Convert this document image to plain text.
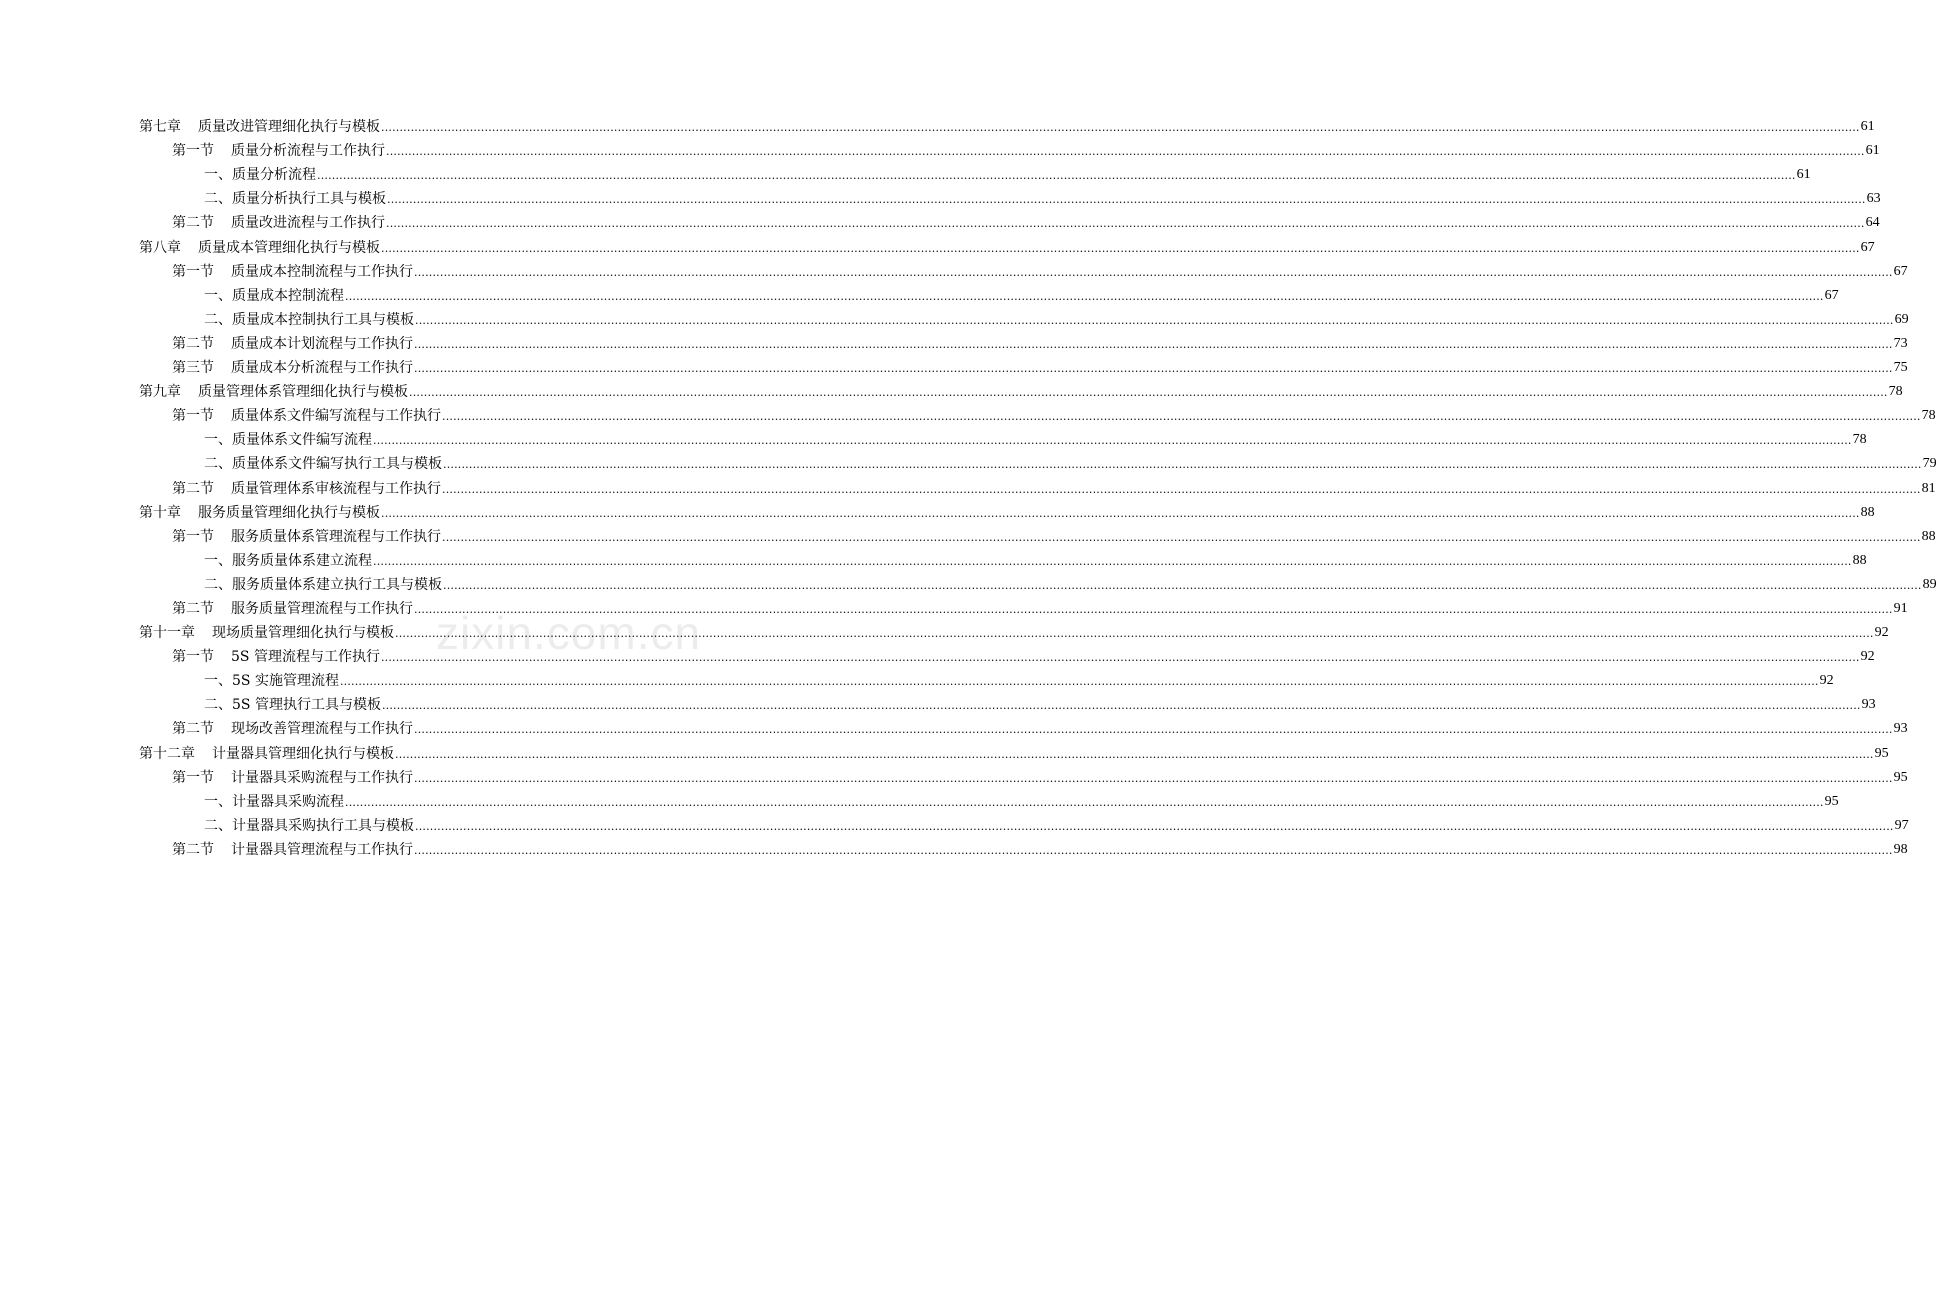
第七章 质量改进管理细化执行与模板 ................................................................................................................................................................................................................................................................................................................................................................................................................ 61
第一节 质量分析流程与工作执行 ................................................................................................................................................................................................................................................................................................................................................................................................................ 61
一、质量分析流程 ................................................................................................................................................................................................................................................................................................................................................................................................................ 61
二、质量分析执行工具与模板 ................................................................................................................................................................................................................................................................................................................................................................................................................ 63
第二节 质量改进流程与工作执行 ................................................................................................................................................................................................................................................................................................................................................................................................................ 64
第八章 质量成本管理细化执行与模板 ................................................................................................................................................................................................................................................................................................................................................................................................................ 67
第一节 质量成本控制流程与工作执行 ................................................................................................................................................................................................................................................................................................................................................................................................................ 67
一、质量成本控制流程 ................................................................................................................................................................................................................................................................................................................................................................................................................ 67
二、质量成本控制执行工具与模板 ................................................................................................................................................................................................................................................................................................................................................................................................................ 69
第二节 质量成本计划流程与工作执行 ................................................................................................................................................................................................................................................................................................................................................................................................................ 73
第三节 质量成本分析流程与工作执行 ................................................................................................................................................................................................................................................................................................................................................................................................................ 75
第九章 质量管理体系管理细化执行与模板 ................................................................................................................................................................................................................................................................................................................................................................................................................ 78
第一节 质量体系文件编写流程与工作执行 ................................................................................................................................................................................................................................................................................................................................................................................................................ 78
一、质量体系文件编写流程 ................................................................................................................................................................................................................................................................................................................................................................................................................ 78
二、质量体系文件编写执行工具与模板 ................................................................................................................................................................................................................................................................................................................................................................................................................ 79
第二节 质量管理体系审核流程与工作执行 ................................................................................................................................................................................................................................................................................................................................................................................................................ 81
第十章 服务质量管理细化执行与模板 ................................................................................................................................................................................................................................................................................................................................................................................................................ 88
第一节 服务质量体系管理流程与工作执行 ................................................................................................................................................................................................................................................................................................................................................................................................................ 88
一、服务质量体系建立流程 ................................................................................................................................................................................................................................................................................................................................................................................................................ 88
二、服务质量体系建立执行工具与模板 ................................................................................................................................................................................................................................................................................................................................................................................................................ 89
第二节 服务质量管理流程与工作执行 ................................................................................................................................................................................................................................................................................................................................................................................................................ 91
第十一章 现场质量管理细化执行与模板 ................................................................................................................................................................................................................................................................................................................................................................................................................ 92
第一节 5S 管理流程与工作执行 ................................................................................................................................................................................................................................................................................................................................................................................................................ 92
一、5S 实施管理流程 ................................................................................................................................................................................................................................................................................................................................................................................................................ 92
二、5S 管理执行工具与模板 ................................................................................................................................................................................................................................................................................................................................................................................................................ 93
第二节 现场改善管理流程与工作执行 ................................................................................................................................................................................................................................................................................................................................................................................................................ 93
第十二章 计量器具管理细化执行与模板 ................................................................................................................................................................................................................................................................................................................................................................................................................ 95
第一节 计量器具采购流程与工作执行 ................................................................................................................................................................................................................................................................................................................................................................................................................ 95
一、计量器具采购流程 ................................................................................................................................................................................................................................................................................................................................................................................................................ 95
二、计量器具采购执行工具与模板 ................................................................................................................................................................................................................................................................................................................................................................................................................ 97
第二节 计量器具管理流程与工作执行 ................................................................................................................................................................................................................................................................................................................................................................................................................ 98
zixin.com.cn
